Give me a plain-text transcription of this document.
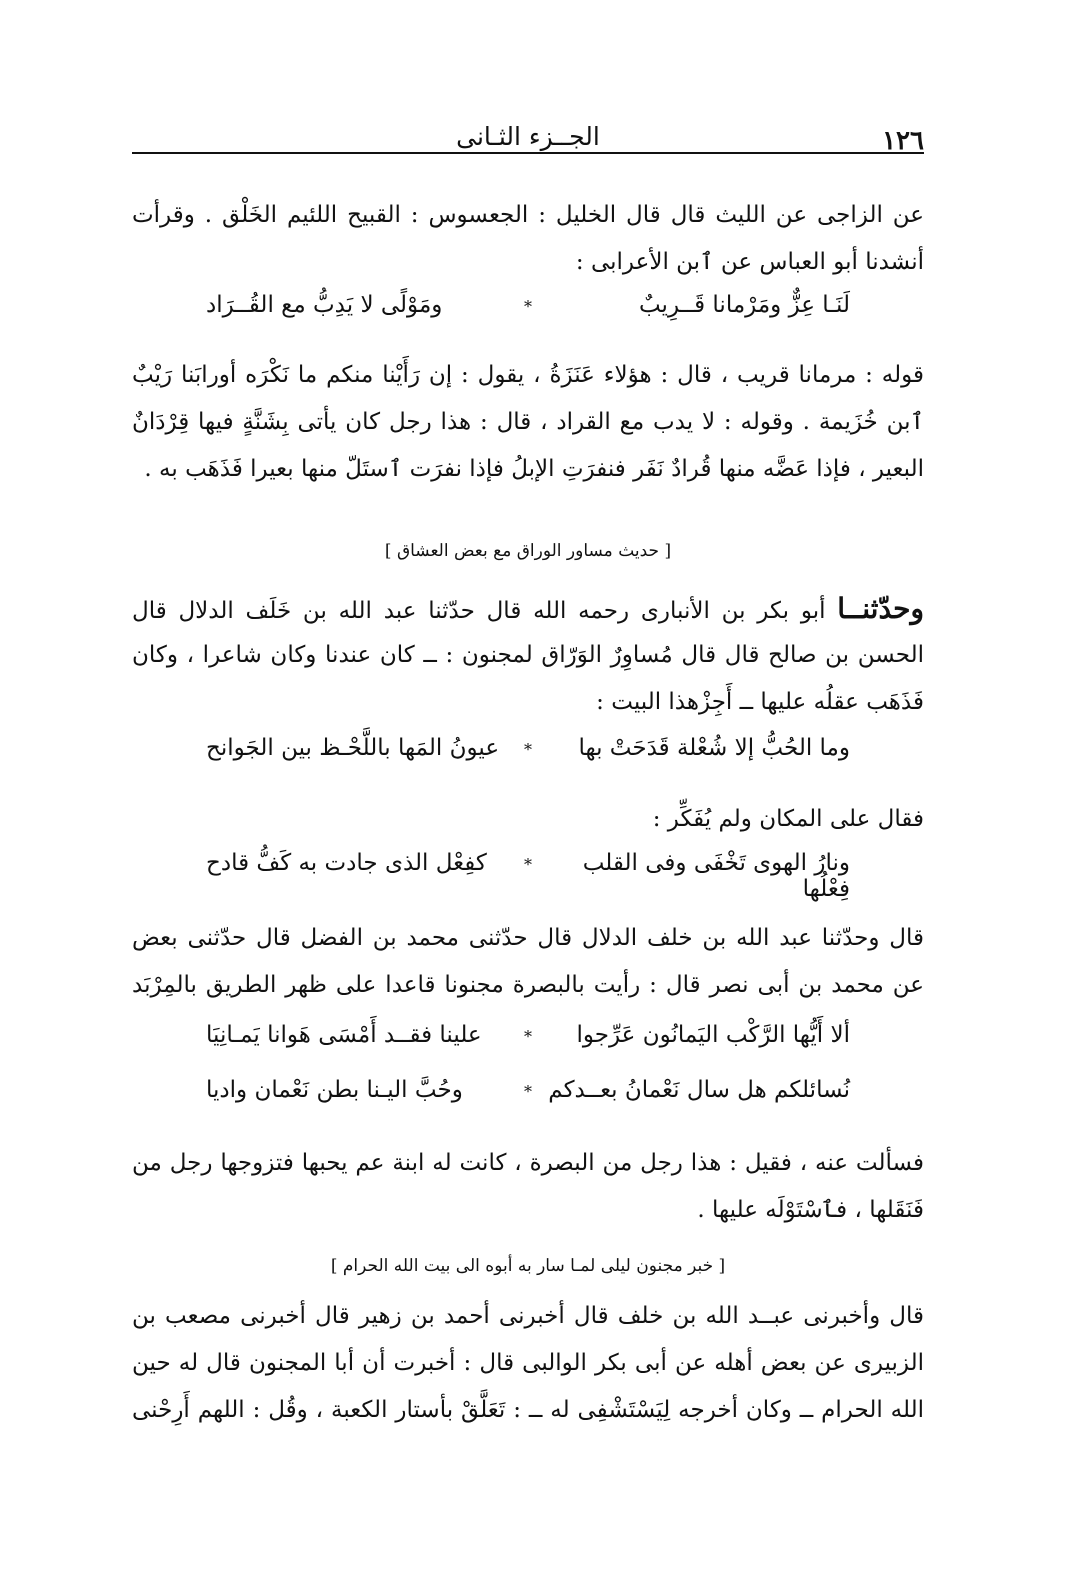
١٢٦
الجــزء الثـانى
عن الزاجى عن الليث قال قال الخليل : الجعسوس : القبيح اللئيم الخَلْق . وقرأت
أنشدنا أبو العباس عن ٱبن الأعرابى :
لَنَـا عِزٌّ ومَرْمانا قَــرِيبٌ
*
ومَوْلًى لا يَدِبُّ مع القُــرَاد
قوله : مرمانا قريب ، قال : هؤلاء عَنَزَةُ ، يقول : إن رَأَيْنا منكم ما نَكْرَه أورابَنا رَيْبٌ
ٱبن خُزَيمة . وقوله : لا يدب مع القراد ، قال : هذا رجل كان يأتى بِشَنَّةٍ فيها قِرْدَانٌ
البعير ، فإذا عَضَّه منها قُرادٌ نَفَر فنفرَتِ الإبلُ فإذا نفرَت ٱستَلّ منها بعيرا فَذَهَب به .
[ حديث مساور الوراق مع بعض العشاق ]
وحدّثنــا أبو بكر بن الأنبارى رحمه الله قال حدّثنا عبد الله بن خَلَف الدلال قال
الحسن بن صالح قال قال مُساوِرٌ الوَرّاق لمجنون : ــ كان عندنا وكان شاعرا ، وكان
فَذَهَب عقلُه عليها ــ أَجِزْهذا البيت :
وما الحُبُّ إلا شُعْلة قَدَحَتْ بها
*
عيونُ المَها باللَّحْـظ بين الجَوانح
فقال على المكان ولم يُفَكِّر :
ونارُ الهوى تَخْفَى وفى القلب فِعْلُها
*
كفِعْل الذى جادت به كَفُّ قادح
قال وحدّثنا عبد الله بن خلف الدلال قال حدّثنى محمد بن الفضل قال حدّثنى بعض
عن محمد بن أبى نصر قال : رأيت بالبصرة مجنونا قاعدا على ظهر الطريق بالمِرْبَد
ألا أَيُّها الرَّكْب اليَمانُون عَرِّجوا
*
علينا فقــد أَمْسَى هَوانا يَمـانِيَا
نُسائلكم هل سال نَعْمانُ بعــدكم
*
وحُبَّ اليـنا بطن نَعْمان واديا
فسألت عنه ، فقيل : هذا رجل من البصرة ، كانت له ابنة عم يحبها فتزوجها رجل من
فَنَقَلها ، فٱسْتَوْلَه عليها .
[ خبر مجنون ليلى لمـا سار به أبوه الى بيت الله الحرام ]
قال وأخبرنى عبــد الله بن خلف قال أخبرنى أحمد بن زهير قال أخبرنى مصعب بن
الزبيرى عن بعض أهله عن أبى بكر الوالبى قال : أخبرت أن أبا المجنون قال له حين
الله الحرام ــ وكان أخرجه لِيَسْتَشْفِى له ــ : تَعَلَّقْ بأستار الكعبة ، وقُل : اللهم أَرِحْنى
